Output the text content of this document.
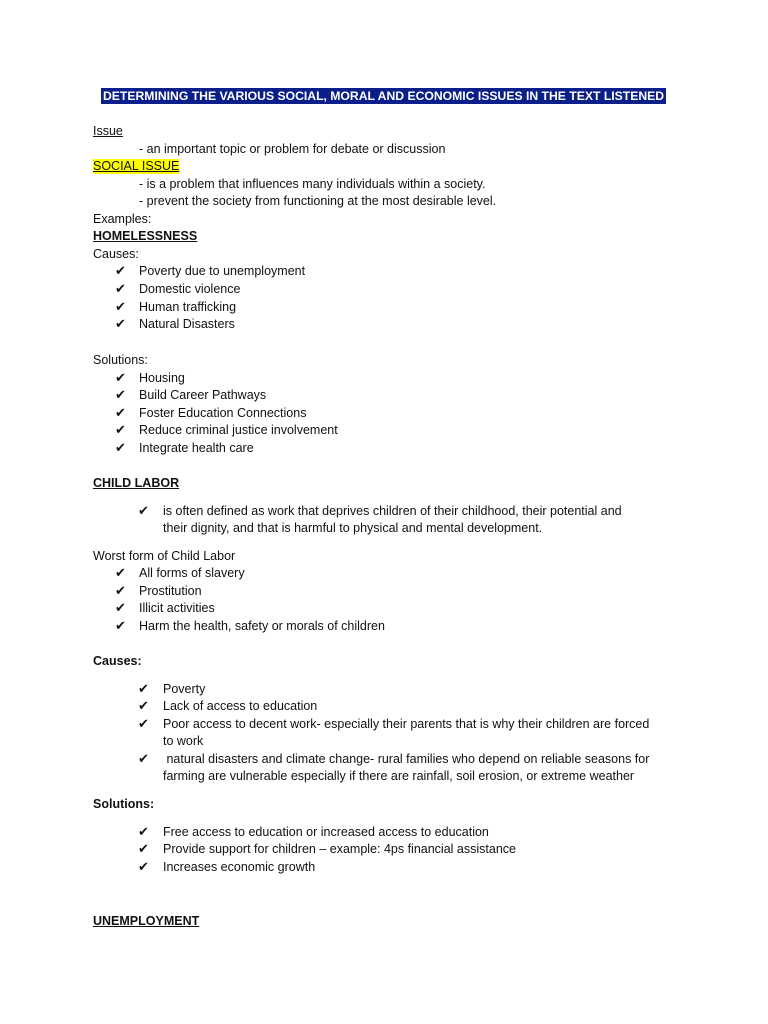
DETERMINING THE VARIOUS SOCIAL, MORAL AND ECONOMIC ISSUES IN THE TEXT LISTENED TO:
Issue
- an important topic or problem for debate or discussion
SOCIAL ISSUE
- is a problem that influences many individuals within a society.
- prevent the society from functioning at the most desirable level.
Examples:
HOMELESSNESS
Causes:
✔ Poverty due to unemployment
✔ Domestic violence
✔ Human trafficking
✔ Natural Disasters
Solutions:
✔ Housing
✔ Build Career Pathways
✔ Foster Education Connections
✔ Reduce criminal justice involvement
✔ Integrate health care
CHILD LABOR
✔ is often defined as work that deprives children of their childhood, their potential and
their dignity, and that is harmful to physical and mental development.
Worst form of Child Labor
✔ All forms of slavery
✔ Prostitution
✔ Illicit activities
✔ Harm the health, safety or morals of children
Causes:
✔ Poverty
✔ Lack of access to education
✔ Poor access to decent work- especially their parents that is why their children are forced
to work
✔ natural disasters and climate change- rural families who depend on reliable seasons for
farming are vulnerable especially if there are rainfall, soil erosion, or extreme weather
Solutions:
✔ Free access to education or increased access to education
✔ Provide support for children – example: 4ps financial assistance
✔ Increases economic growth
UNEMPLOYMENT
